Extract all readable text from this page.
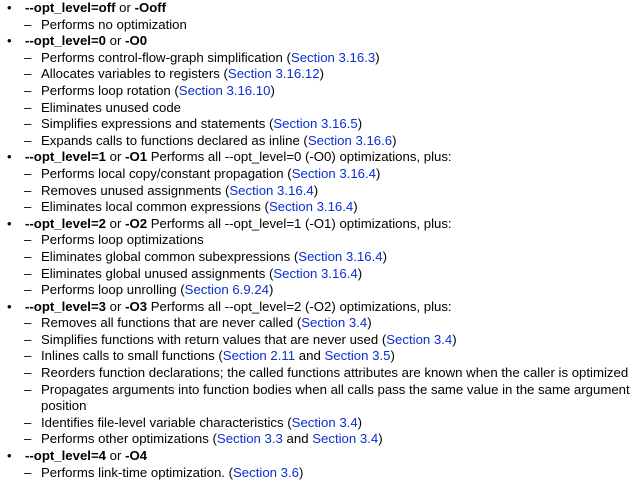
•	--opt_level=off or -Ooff
– Performs no optimization
•	--opt_level=0 or -O0
– Performs control-flow-graph simplification (Section 3.16.3)
– Allocates variables to registers (Section 3.16.12)
– Performs loop rotation (Section 3.16.10)
– Eliminates unused code
– Simplifies expressions and statements (Section 3.16.5)
– Expands calls to functions declared as inline (Section 3.16.6)
•	--opt_level=1 or -O1 Performs all --opt_level=0 (-O0) optimizations, plus:
– Performs local copy/constant propagation (Section 3.16.4)
– Removes unused assignments (Section 3.16.4)
– Eliminates local common expressions (Section 3.16.4)
•	--opt_level=2 or -O2 Performs all --opt_level=1 (-O1) optimizations, plus:
– Performs loop optimizations
– Eliminates global common subexpressions (Section 3.16.4)
– Eliminates global unused assignments (Section 3.16.4)
– Performs loop unrolling (Section 6.9.24)
•	--opt_level=3 or -O3 Performs all --opt_level=2 (-O2) optimizations, plus:
– Removes all functions that are never called (Section 3.4)
– Simplifies functions with return values that are never used (Section 3.4)
– Inlines calls to small functions (Section 2.11 and Section 3.5)
– Reorders function declarations; the called functions attributes are known when the caller is optimized
– Propagates arguments into function bodies when all calls pass the same value in the same argument position
– Identifies file-level variable characteristics (Section 3.4)
– Performs other optimizations (Section 3.3 and Section 3.4)
•	--opt_level=4 or -O4
– Performs link-time optimization. (Section 3.6)
